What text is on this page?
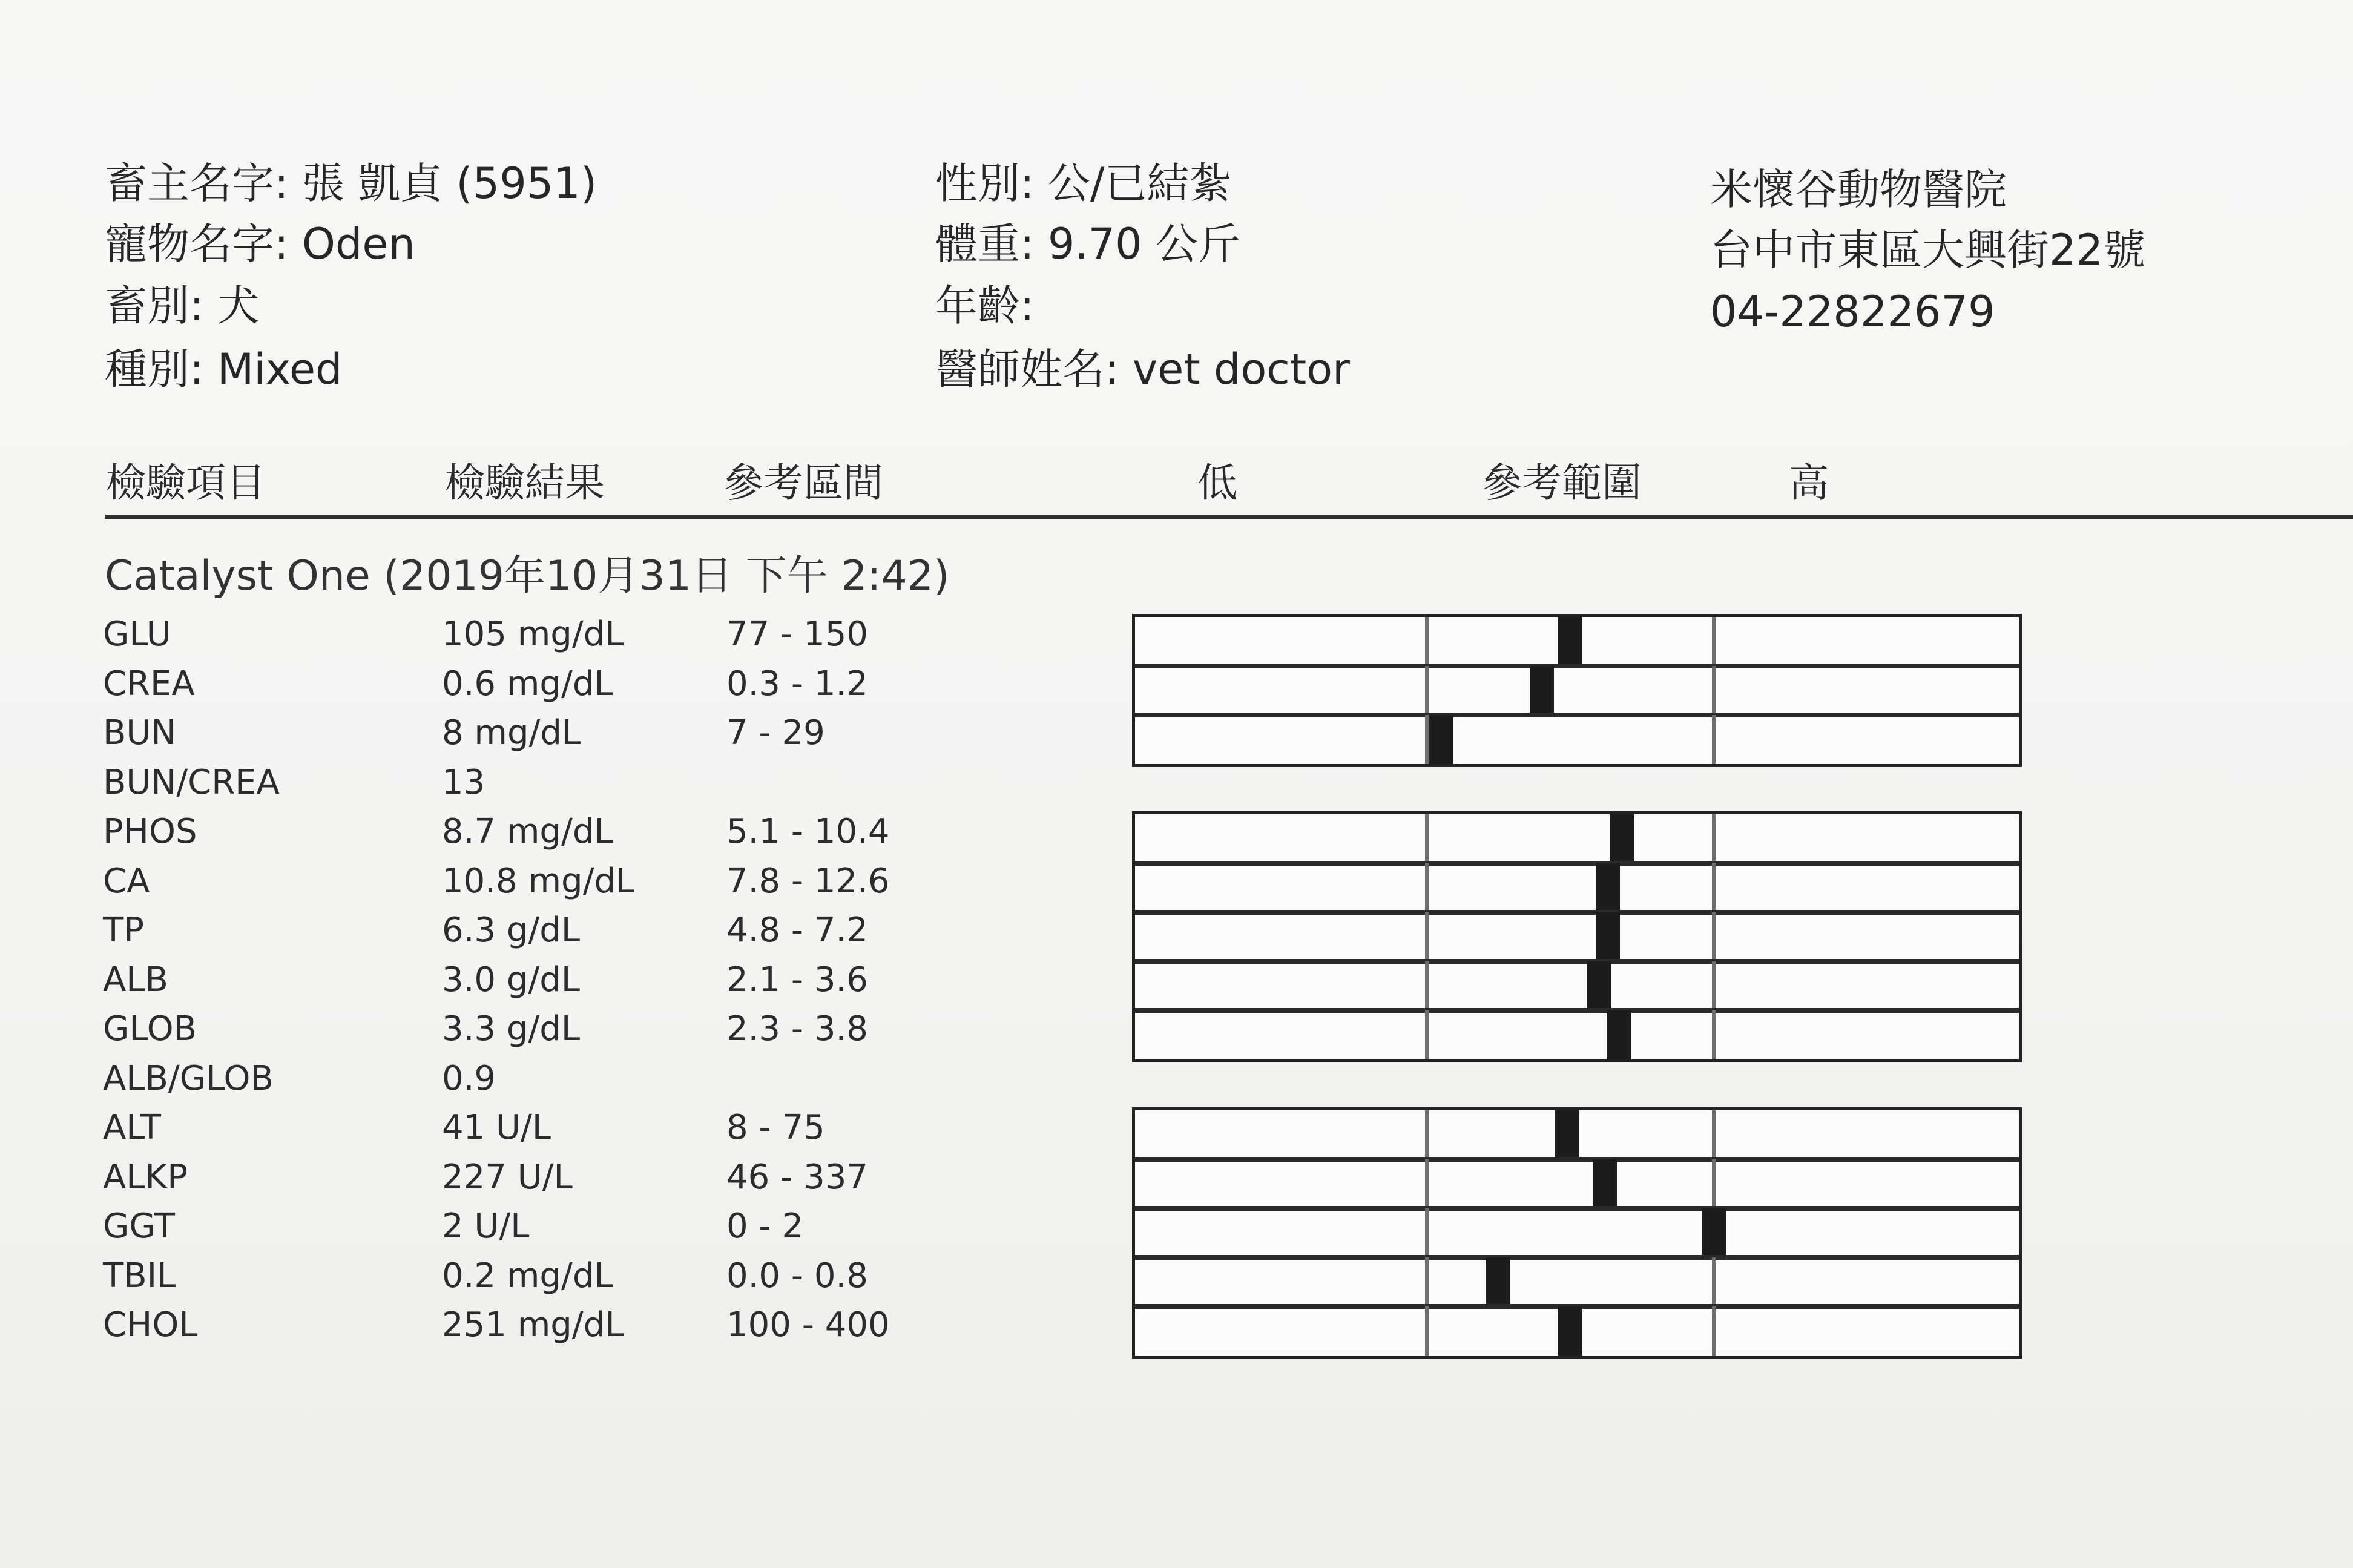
畜主名字: 張 凱貞 (5951)
寵物名字: Oden
畜別: 犬
種別: Mixed
性別: 公/已結紮
體重: 9.70 公斤
年齡:
醫師姓名: vet doctor
米懷谷動物醫院
台中市東區大興街22號
04-22822679
檢驗項目	檢驗結果	參考區間	低	參考範圍	高
Catalyst One (2019年10月31日 下午 2:42)
GLU	105 mg/dL	77 - 150
CREA	0.6 mg/dL	0.3 - 1.2
BUN	8 mg/dL	7 - 29
BUN/CREA	13
PHOS	8.7 mg/dL	5.1 - 10.4
CA	10.8 mg/dL	7.8 - 12.6
TP	6.3 g/dL	4.8 - 7.2
ALB	3.0 g/dL	2.1 - 3.6
GLOB	3.3 g/dL	2.3 - 3.8
ALB/GLOB	0.9
ALT	41 U/L	8 - 75
ALKP	227 U/L	46 - 337
GGT	2 U/L	0 - 2
TBIL	0.2 mg/dL	0.0 - 0.8
CHOL	251 mg/dL	100 - 400
